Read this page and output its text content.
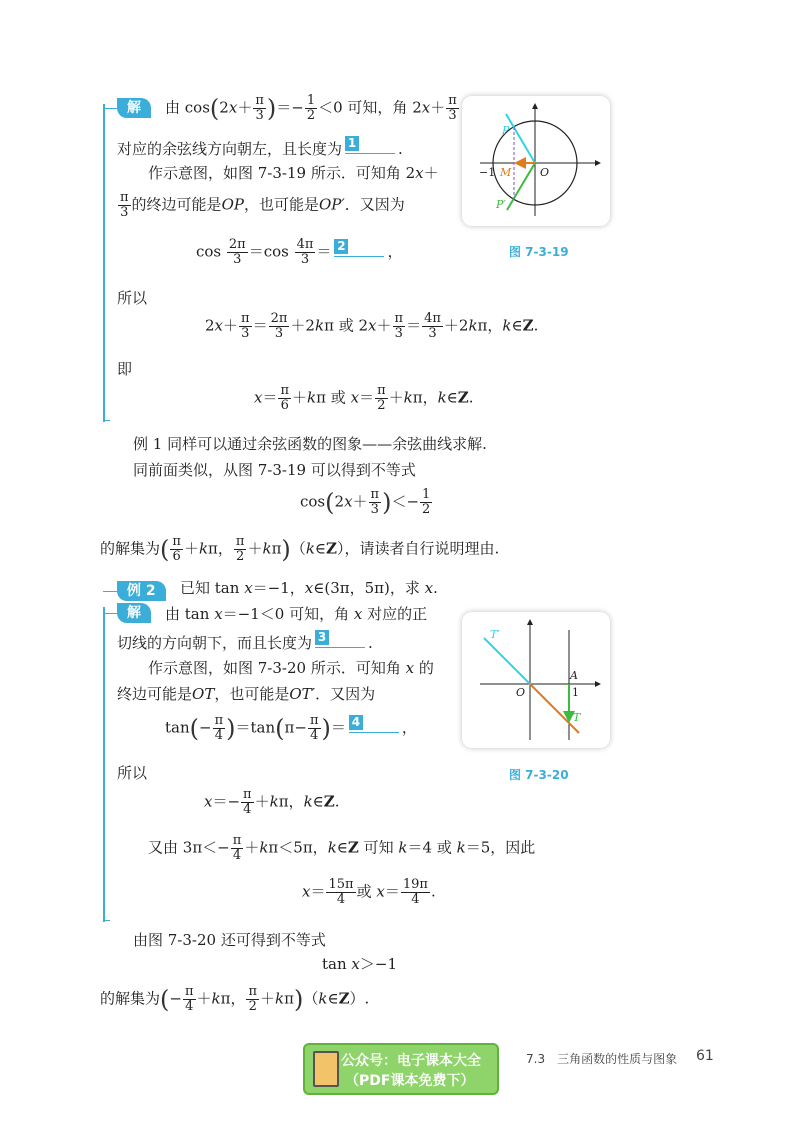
解	由 $\cos(2x+ \frac{\pi}{3}$ )＝− $\frac{1}{2} <0$ 可知，角 $2x+ \frac{\pi}{3}$
对应的余弦线方向朝左，且长度为 1	.
作示意图，如图 7-3-19 所示．可知角 2x＋
$\frac{\pi}{3}$ 的终边可能是OP，也可能是OP′．又因为
$\cos \frac{2\pi}{3} =\cos \frac{4\pi}{3} = 2$	，
所以
$2x+ \frac{\pi}{3} = \frac{2\pi}{3} +2k\pi$ 或 $2x+ \frac{\pi}{3} = \frac{4\pi}{3} +2k\pi$，k∈Z.
即
$x= \frac{\pi}{6} +k\pi$ 或 $x= \frac{\pi}{2} +k\pi$，k∈Z.
P
P′
M	O
−1
图 7-3-19
例 1 同样可以通过余弦函数的图象——余弦曲线求解.
同前面类似，从图 7-3-19 可以得到不等式
$\cos(2x+ \frac{\pi}{3}$ )＜− $\frac{1}{2}$
的解集为( $\frac{\pi}{6} +k\pi$， $\frac{\pi}{2}$ ＋kπ)（k∈Z），请读者自行说明理由.
例 2	已知 tan x＝−1，x∈(3π，5π)，求 x.
解	由 tan x＝−1＜0 可知，角 x 对应的正
切线的方向朝下，而且长度为 3	.
作示意图，如图 7-3-20 所示．可知角 x 的
终边可能是OT，也可能是OT′．又因为
$\tan(- \frac{\pi}{4} )=\tan(\pi- \frac{\pi}{4}$ )＝ 4	，
所以
$x=- \frac{\pi}{4} +k\pi$，k∈Z.
又由 $3\pi<- \frac{\pi}{4} +k\pi<5\pi$，k∈Z 可知 k＝4 或 k＝5，因此
$x= \frac{15\pi}{4}$ 或 $x= \frac{19\pi}{4}$ .
T′
T
A
O	1
图 7-3-20
由图 7-3-20 还可得到不等式
tan x＞−1
的解集为(− $\frac{\pi}{4} +k\pi$， $\frac{\pi}{2}$ ＋kπ)（k∈Z）.
公众号：电子课本大全
（PDF课本免费下）
7.3　三角函数的性质与图象 61
